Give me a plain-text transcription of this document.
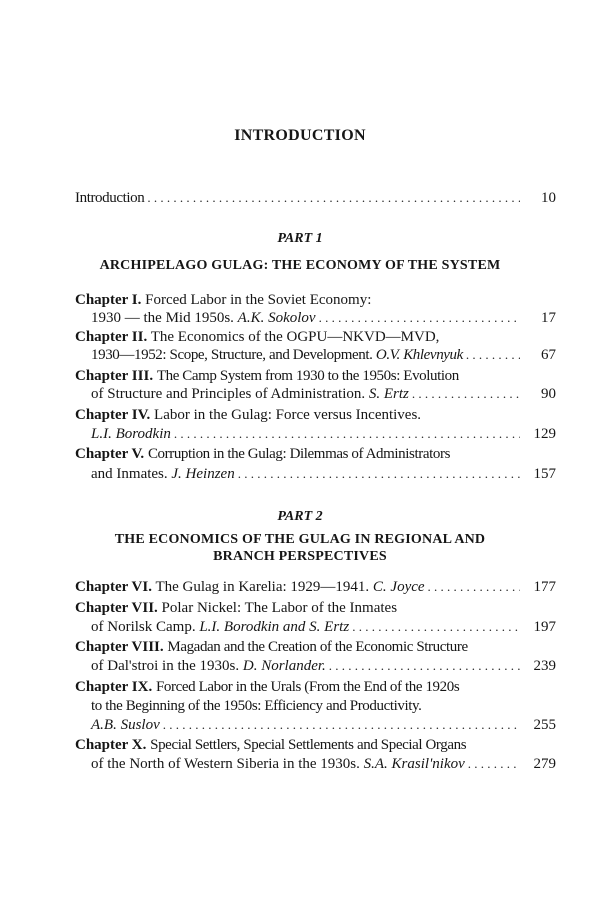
INTRODUCTION
Introduction . . .	10
PART 1
ARCHIPELAGO GULAG: THE ECONOMY OF THE SYSTEM
Chapter I. Forced Labor in the Soviet Economy:
1930 — the Mid 1950s. A.K. Sokolov . . .	17
Chapter II. The Economics of the OGPU—NKVD—MVD,
1930—1952: Scope, Structure, and Development. O.V. Khlevnyuk . . .	67
Chapter III. The Camp System from 1930 to the 1950s: Evolution
of Structure and Principles of Administration. S. Ertz . . .	90
Chapter IV. Labor in the Gulag: Force versus Incentives.
L.I. Borodkin . . .	129
Chapter V. Corruption in the Gulag: Dilemmas of Administrators
and Inmates. J. Heinzen . . .	157
PART 2
THE ECONOMICS OF THE GULAG IN REGIONAL AND
BRANCH PERSPECTIVES
Chapter VI. The Gulag in Karelia: 1929—1941. C. Joyce . . .	177
Chapter VII. Polar Nickel: The Labor of the Inmates
of Norilsk Camp. L.I. Borodkin and S. Ertz . . .	197
Chapter VIII. Magadan and the Creation of the Economic Structure
of Dal'stroi in the 1930s. D. Norlander. . . .	239
Chapter IX. Forced Labor in the Urals (From the End of the 1920s
to the Beginning of the 1950s: Efficiency and Productivity.
A.B. Suslov . . .	255
Chapter X. Special Settlers, Special Settlements and Special Organs
of the North of Western Siberia in the 1930s. S.A. Krasil'nikov . . .	279
